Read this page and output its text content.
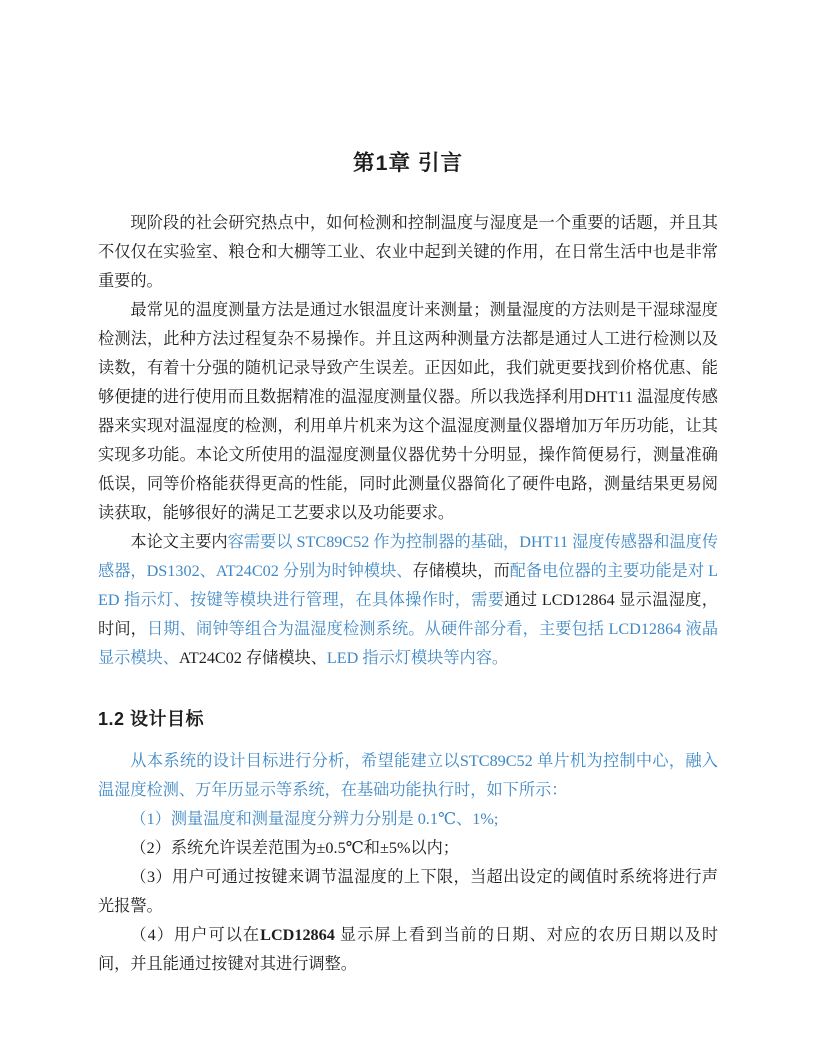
第1章 引言

现阶段的社会研究热点中，如何检测和控制温度与湿度是一个重要的话题，并且其不仅仅在实验室、粮仓和大棚等工业、农业中起到关键的作用，在日常生活中也是非常重要的。

最常见的温度测量方法是通过水银温度计来测量；测量湿度的方法则是干湿球湿度检测法，此种方法过程复杂不易操作。并且这两种测量方法都是通过人工进行检测以及读数，有着十分强的随机记录导致产生误差。正因如此，我们就更要找到价格优惠、能够便捷的进行使用而且数据精准的温湿度测量仪器。所以我选择利用DHT11 温湿度传感器来实现对温湿度的检测，利用单片机来为这个温湿度测量仪器增加万年历功能，让其实现多功能。本论文所使用的温湿度测量仪器优势十分明显，操作简便易行，测量准确低误，同等价格能获得更高的性能，同时此测量仪器简化了硬件电路，测量结果更易阅读获取，能够很好的满足工艺要求以及功能要求。

本论文主要内容需要以 STC89C52 作为控制器的基础，DHT11 湿度传感器和温度传感器，DS1302、AT24C02 分别为时钟模块、存储模块，而配备电位器的主要功能是对 LED 指示灯、按键等模块进行管理，在具体操作时，需要通过 LCD12864 显示温湿度，时间，日期、闹钟等组合为温湿度检测系统。从硬件部分看，主要包括 LCD12864 液晶显示模块、AT24C02 存储模块、LED 指示灯模块等内容。

1.2 设计目标

从本系统的设计目标进行分析，希望能建立以STC89C52 单片机为控制中心，融入温湿度检测、万年历显示等系统，在基础功能执行时，如下所示：

（1）测量温度和测量湿度分辨力分别是 0.1℃、1%;

（2）系统允许误差范围为±0.5℃和±5%以内；

（3）用户可通过按键来调节温湿度的上下限，当超出设定的阈值时系统将进行声光报警。

（4）用户可以在LCD12864 显示屏上看到当前的日期、对应的农历日期以及时间，并且能通过按键对其进行调整。
